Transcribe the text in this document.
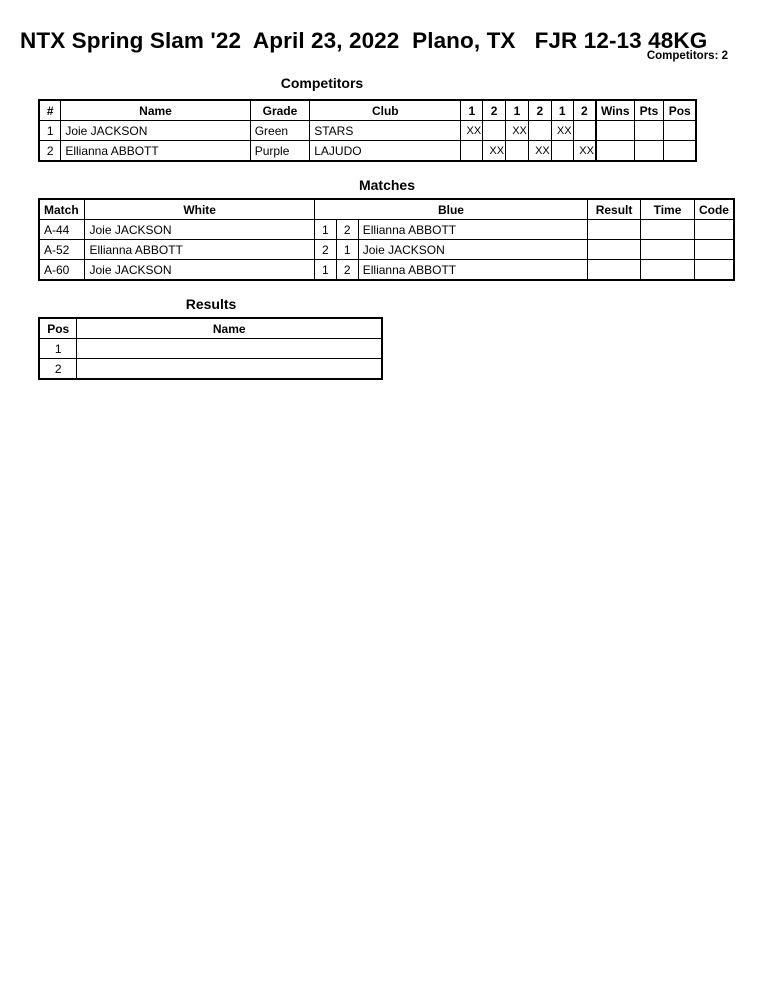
NTX Spring Slam '22  April 23, 2022  Plano, TX   FJR 12-13 48KG
Competitors: 2
Competitors
#	Name	Grade	Club	1	2	1	2	1	2	Wins	Pts	Pos
1	Joie JACKSON	Green	STARS	XX		XX		XX				
2	Ellianna ABBOTT	Purple	LAJUDO		XX		XX		XX			
Matches
Match	White	Blue			Result	Time	Code
A-44	Joie JACKSON	1	2	Ellianna ABBOTT			
A-52	Ellianna ABBOTT	2	1	Joie JACKSON			
A-60	Joie JACKSON	1	2	Ellianna ABBOTT			
Results
Pos	Name
1	
2	
